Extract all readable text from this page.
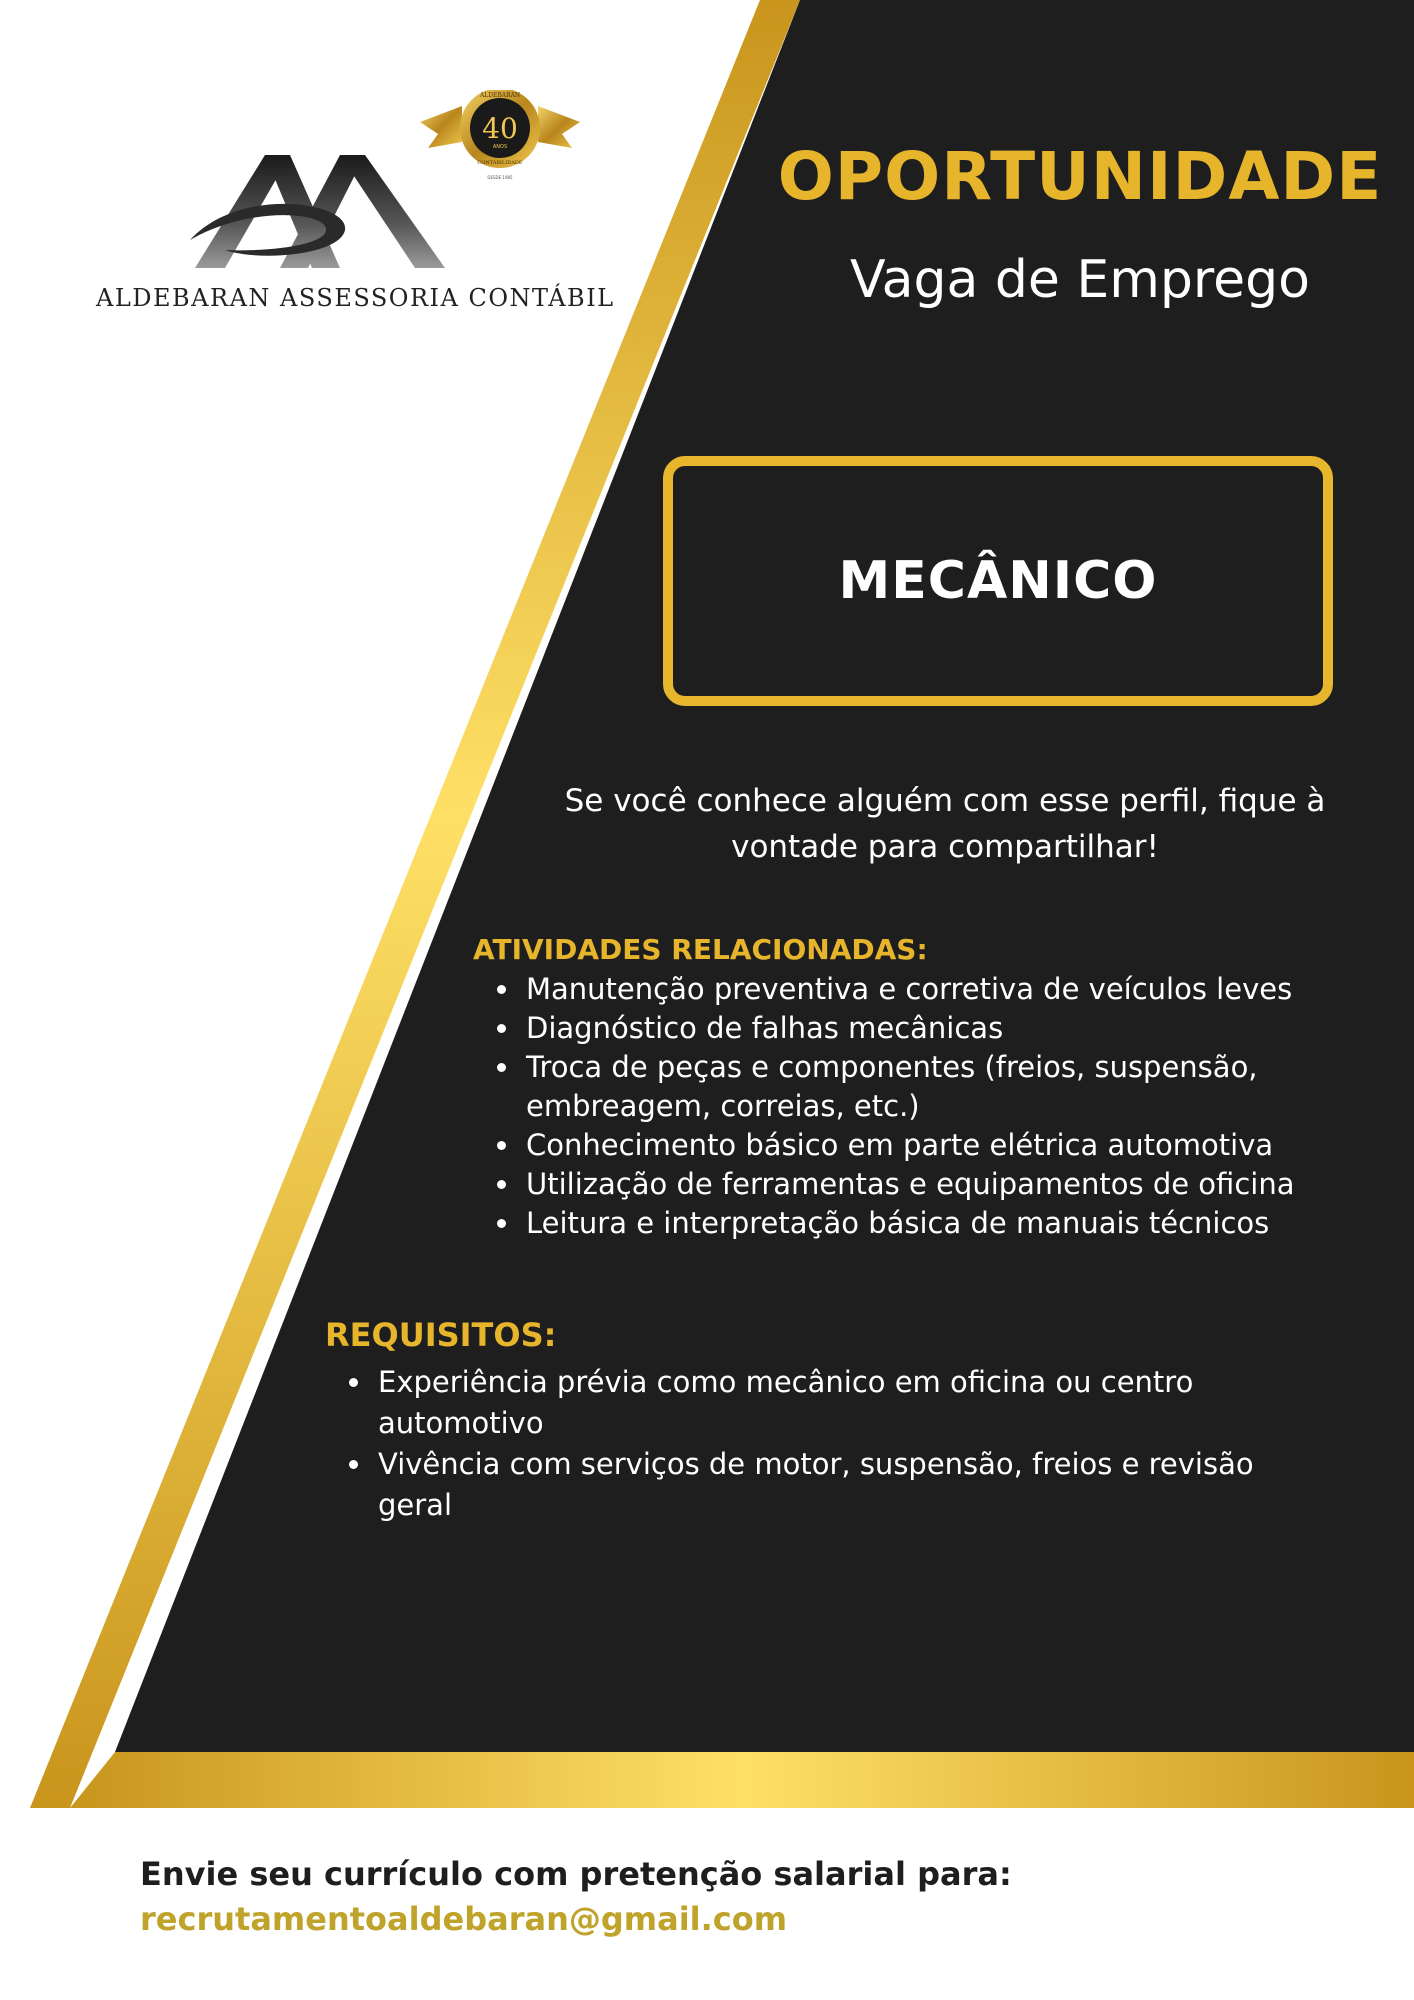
ALDEBARAN
40
ANOS
CONTABILIDADE
DESDE 1985
ALDEBARAN ASSESSORIA CONTÁBIL
OPORTUNIDADE
Vaga de Emprego
MECÂNICO
Se você conhece alguém com esse perfil, fique à vontade para compartilhar!
ATIVIDADES RELACIONADAS:
• Manutenção preventiva e corretiva de veículos leves
• Diagnóstico de falhas mecânicas
• Troca de peças e componentes (freios, suspensão, embreagem, correias, etc.)
• Conhecimento básico em parte elétrica automotiva
• Utilização de ferramentas e equipamentos de oficina
• Leitura e interpretação básica de manuais técnicos
REQUISITOS:
• Experiência prévia como mecânico em oficina ou centro automotivo
• Vivência com serviços de motor, suspensão, freios e revisão geral
Envie seu currículo com pretenção salarial para:
recrutamentoaldebaran@gmail.com
